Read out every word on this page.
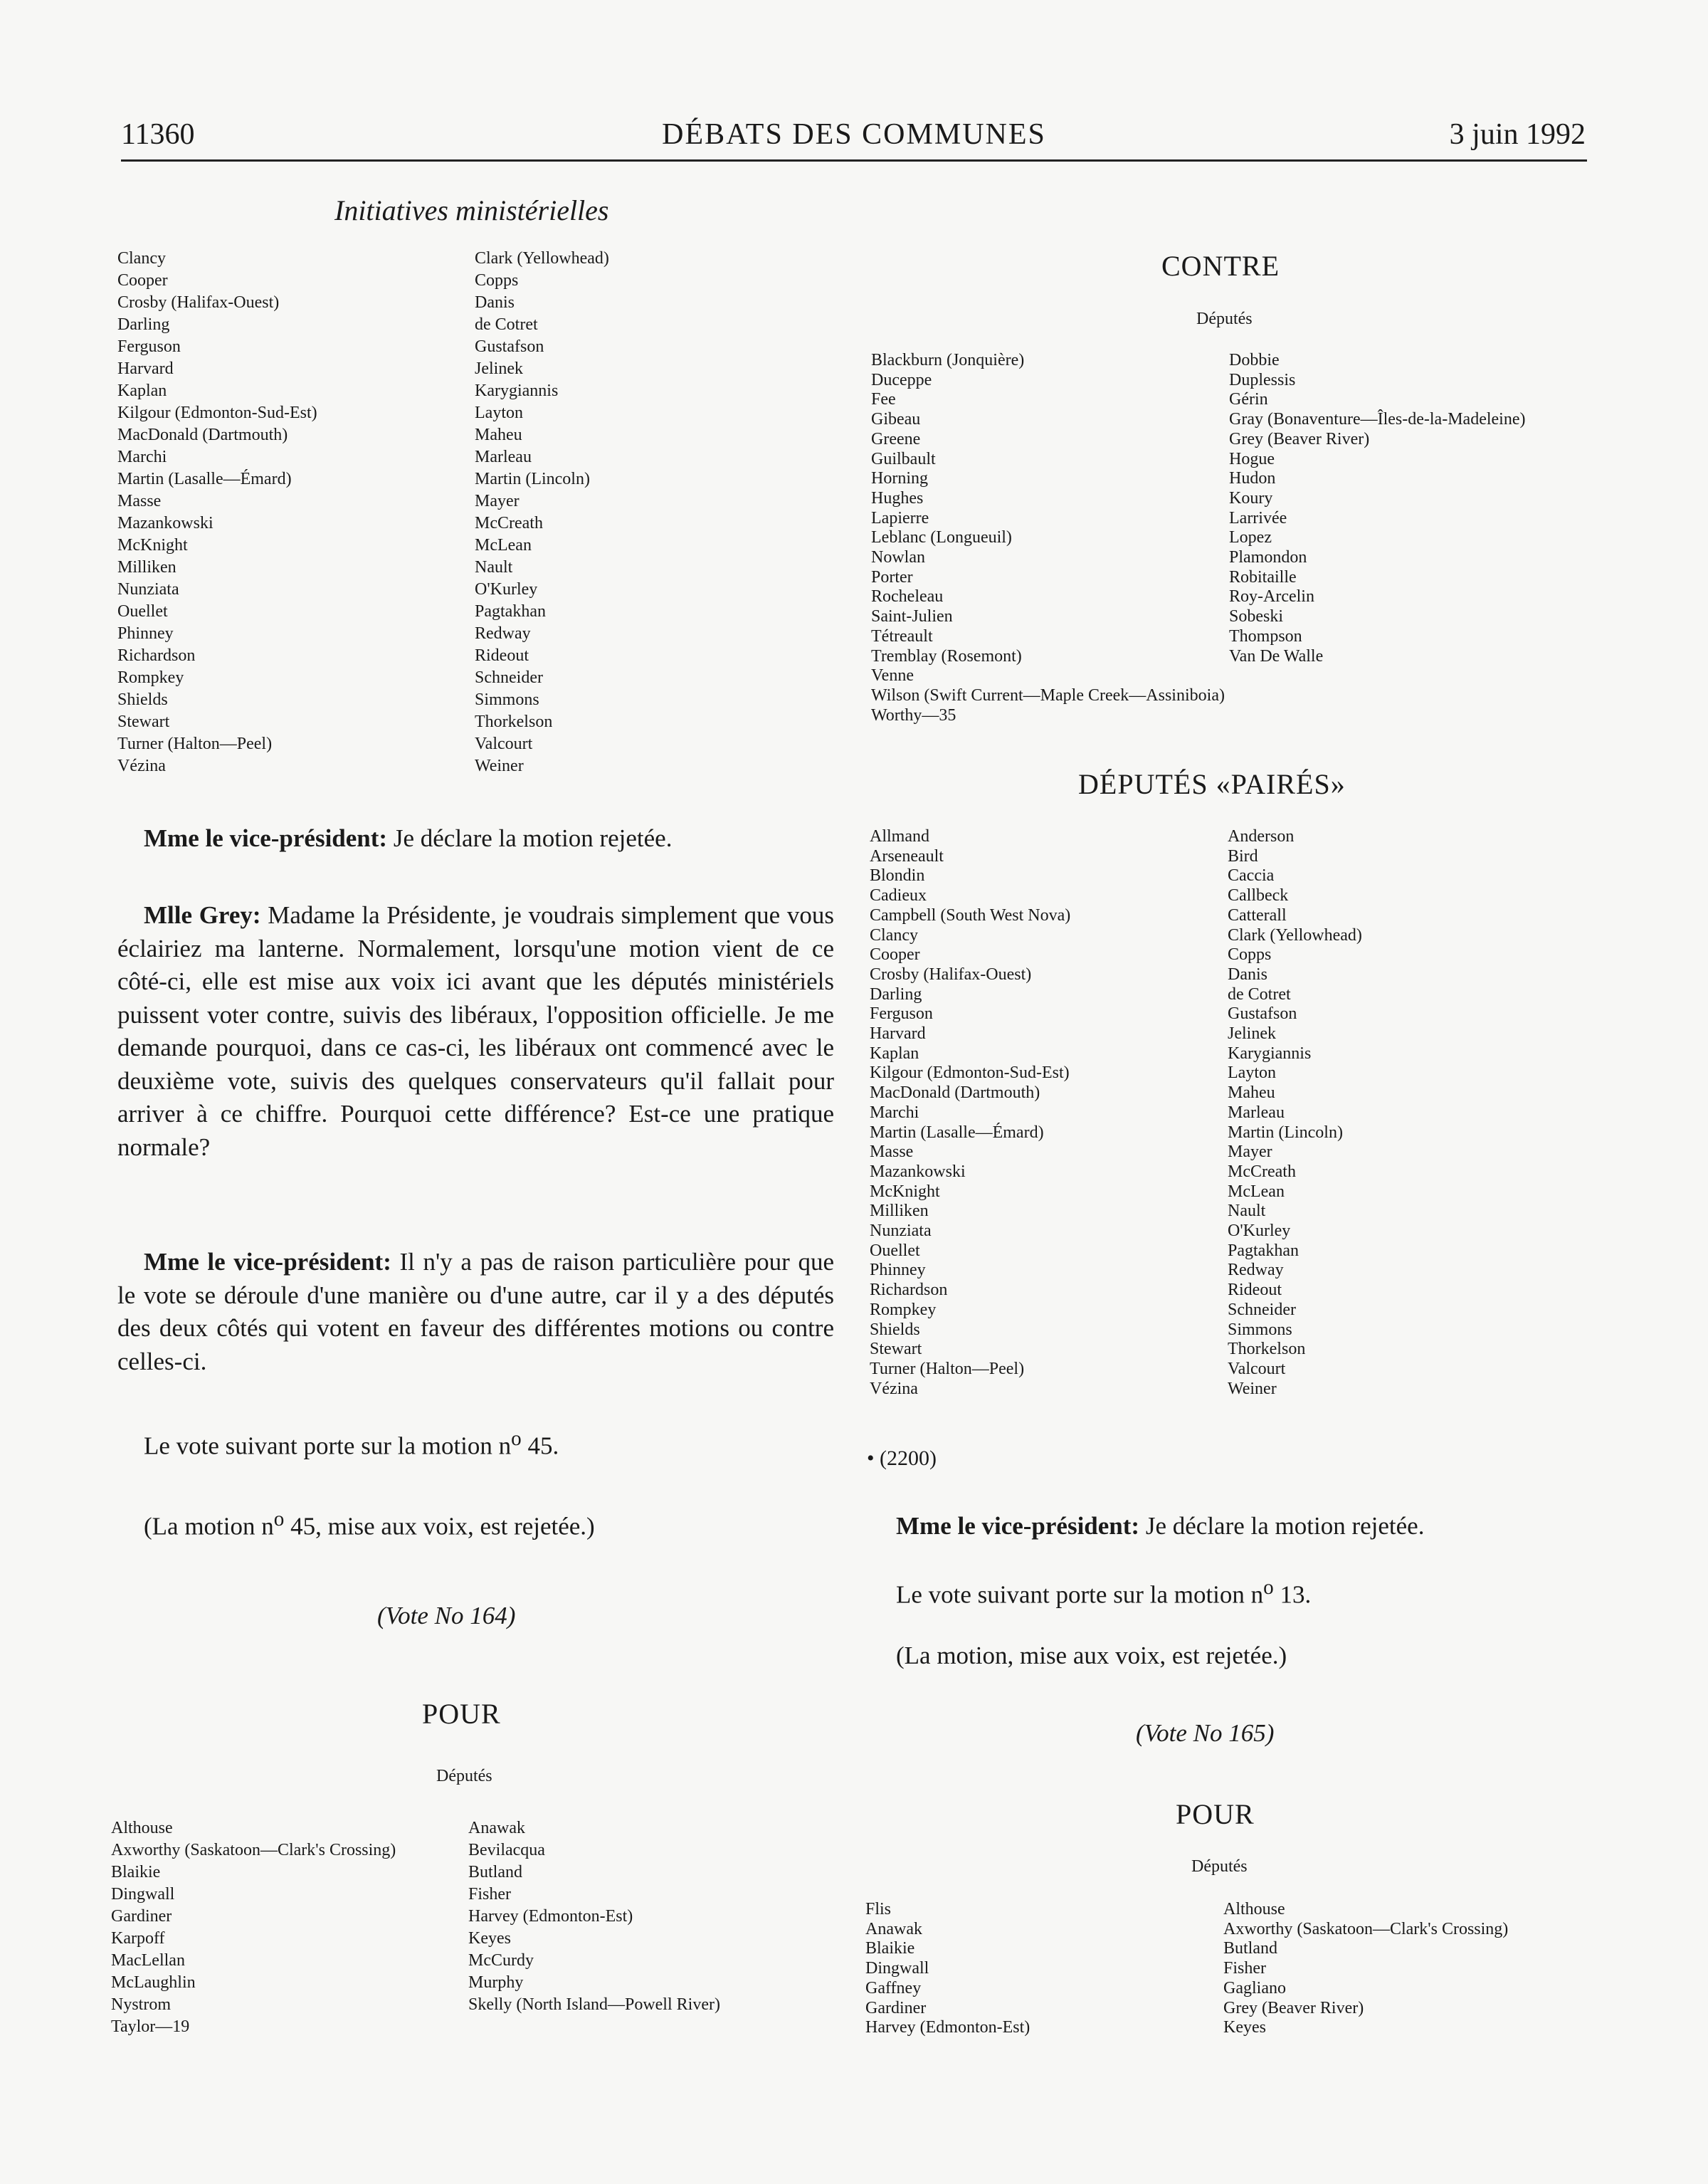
11360	DÉBATS DES COMMUNES	3 juin 1992
Initiatives ministérielles
Clancy
Cooper
Crosby (Halifax-Ouest)
Darling
Ferguson
Harvard
Kaplan
Kilgour (Edmonton-Sud-Est)
MacDonald (Dartmouth)
Marchi
Martin (Lasalle—Émard)
Masse
Mazankowski
McKnight
Milliken
Nunziata
Ouellet
Phinney
Richardson
Rompkey
Shields
Stewart
Turner (Halton—Peel)
Vézina
Clark (Yellowhead)
Copps
Danis
de Cotret
Gustafson
Jelinek
Karygiannis
Layton
Maheu
Marleau
Martin (Lincoln)
Mayer
McCreath
McLean
Nault
O'Kurley
Pagtakhan
Redway
Rideout
Schneider
Simmons
Thorkelson
Valcourt
Weiner

Mme le vice-président: Je déclare la motion rejetée.

Mlle Grey: Madame la Présidente, je voudrais simplement que vous éclairiez ma lanterne. Normalement, lorsqu'une motion vient de ce côté-ci, elle est mise aux voix ici avant que les députés ministériels puissent voter contre, suivis des libéraux, l'opposition officielle. Je me demande pourquoi, dans ce cas-ci, les libéraux ont commencé avec le deuxième vote, suivis des quelques conservateurs qu'il fallait pour arriver à ce chiffre. Pourquoi cette différence? Est-ce une pratique normale?

Mme le vice-président: Il n'y a pas de raison particulière pour que le vote se déroule d'une manière ou d'une autre, car il y a des députés des deux côtés qui votent en faveur des différentes motions ou contre celles-ci.

Le vote suivant porte sur la motion $n^o$ 45.
(La motion $n^o$ 45, mise aux voix, est rejetée.)
(Vote No 164)
POUR
Députés
Althouse
Axworthy (Saskatoon—Clark's Crossing)
Blaikie
Dingwall
Gardiner
Karpoff
MacLellan
McLaughlin
Nystrom
Taylor—19
Anawak
Bevilacqua
Butland
Fisher
Harvey (Edmonton-Est)
Keyes
McCurdy
Murphy
Skelly (North Island—Powell River)
CONTRE
Députés
Blackburn (Jonquière)
Duceppe
Fee
Gibeau
Greene
Guilbault
Horning
Hughes
Lapierre
Leblanc (Longueuil)
Nowlan
Porter
Rocheleau
Saint-Julien
Tétreault
Tremblay (Rosemont)
Venne
Wilson (Swift Current—Maple Creek—Assiniboia)
Worthy—35
Dobbie
Duplessis
Gérin
Gray (Bonaventure—Îles-de-la-Madeleine)
Grey (Beaver River)
Hogue
Hudon
Koury
Larrivée
Lopez
Plamondon
Robitaille
Roy-Arcelin
Sobeski
Thompson
Van De Walle
DÉPUTÉS «PAIRÉS»
Allmand
Arseneault
Blondin
Cadieux
Campbell (South West Nova)
Clancy
Cooper
Crosby (Halifax-Ouest)
Darling
Ferguson
Harvard
Kaplan
Kilgour (Edmonton-Sud-Est)
MacDonald (Dartmouth)
Marchi
Martin (Lasalle—Émard)
Masse
Mazankowski
McKnight
Milliken
Nunziata
Ouellet
Phinney
Richardson
Rompkey
Shields
Stewart
Turner (Halton—Peel)
Vézina
Anderson
Bird
Caccia
Callbeck
Catterall
Clark (Yellowhead)
Copps
Danis
de Cotret
Gustafson
Jelinek
Karygiannis
Layton
Maheu
Marleau
Martin (Lincoln)
Mayer
McCreath
McLean
Nault
O'Kurley
Pagtakhan
Redway
Rideout
Schneider
Simmons
Thorkelson
Valcourt
Weiner
• (2200)
Mme le vice-président: Je déclare la motion rejetée.
Le vote suivant porte sur la motion $n^o$ 13.
(La motion, mise aux voix, est rejetée.)
(Vote No 165)
POUR
Députés
Flis
Anawak
Blaikie
Dingwall
Gaffney
Gardiner
Harvey (Edmonton-Est)
Althouse
Axworthy (Saskatoon—Clark's Crossing)
Butland
Fisher
Gagliano
Grey (Beaver River)
Keyes
